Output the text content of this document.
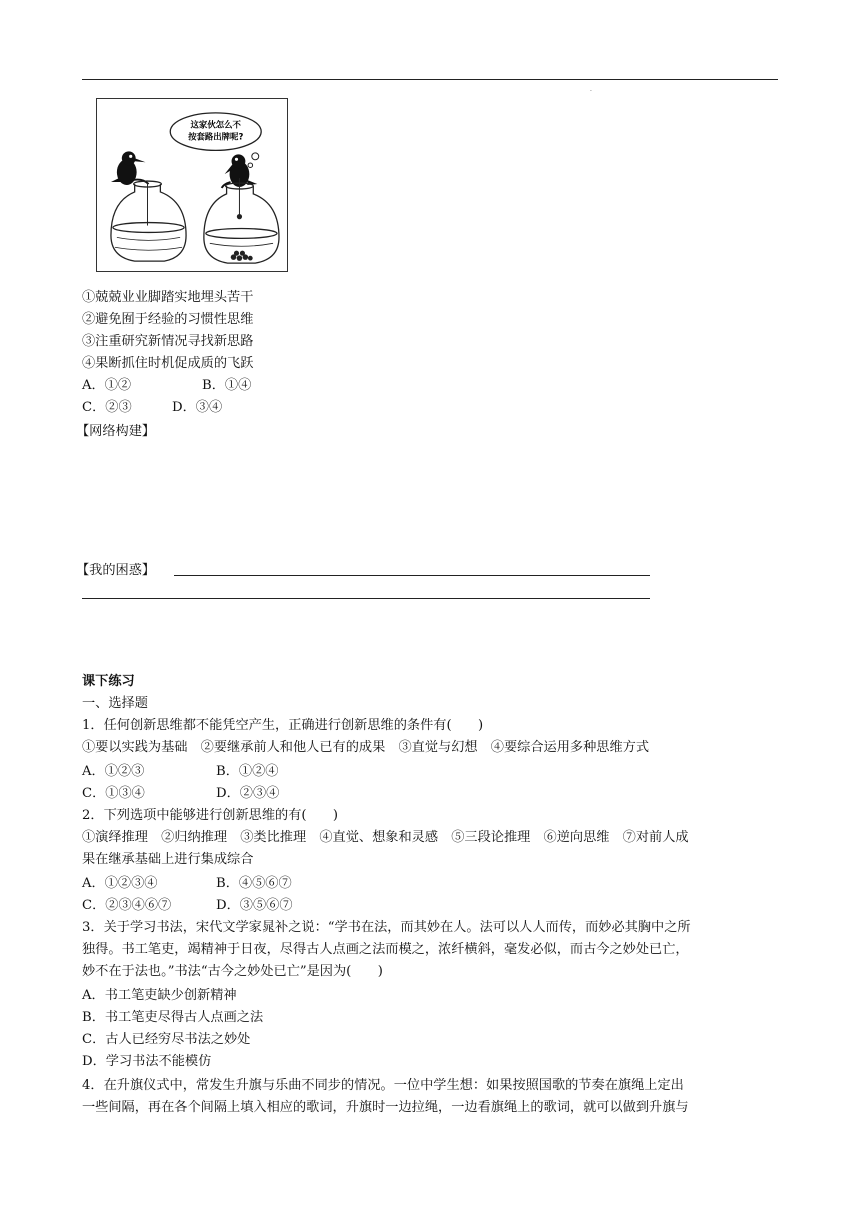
·
这家伙怎么不
按套路出牌呢?
①兢兢业业脚踏实地埋头苦干
②避免囿于经验的习惯性思维
③注重研究新情况寻找新思路
④果断抓住时机促成质的飞跃
A．①②	B．①④
C．②③	D．③④
【网络构建】
【我的困惑】
课下练习
一、选择题
1．任何创新思维都不能凭空产生，正确进行创新思维的条件有(　　)
①要以实践为基础　②要继承前人和他人已有的成果　③直觉与幻想　④要综合运用多种思维方式
A．①②③	B．①②④
C．①③④	D．②③④
2．下列选项中能够进行创新思维的有(　　)
①演绎推理　②归纳推理　③类比推理　④直觉、想象和灵感　⑤三段论推理　⑥逆向思维　⑦对前人成
果在继承基础上进行集成综合
A．①②③④	B．④⑤⑥⑦
C．②③④⑥⑦	D．③⑤⑥⑦
3．关于学习书法，宋代文学家晁补之说：“学书在法，而其妙在人。法可以人人而传，而妙必其胸中之所
独得。书工笔吏，竭精神于日夜，尽得古人点画之法而模之，浓纤横斜，毫发必似，而古今之妙处已亡，
妙不在于法也。”书法“古今之妙处已亡”是因为(　　)
A．书工笔吏缺少创新精神
B．书工笔吏尽得古人点画之法
C．古人已经穷尽书法之妙处
D．学习书法不能模仿
4．在升旗仪式中，常发生升旗与乐曲不同步的情况。一位中学生想：如果按照国歌的节奏在旗绳上定出
一些间隔，再在各个间隔上填入相应的歌词，升旗时一边拉绳，一边看旗绳上的歌词，就可以做到升旗与
